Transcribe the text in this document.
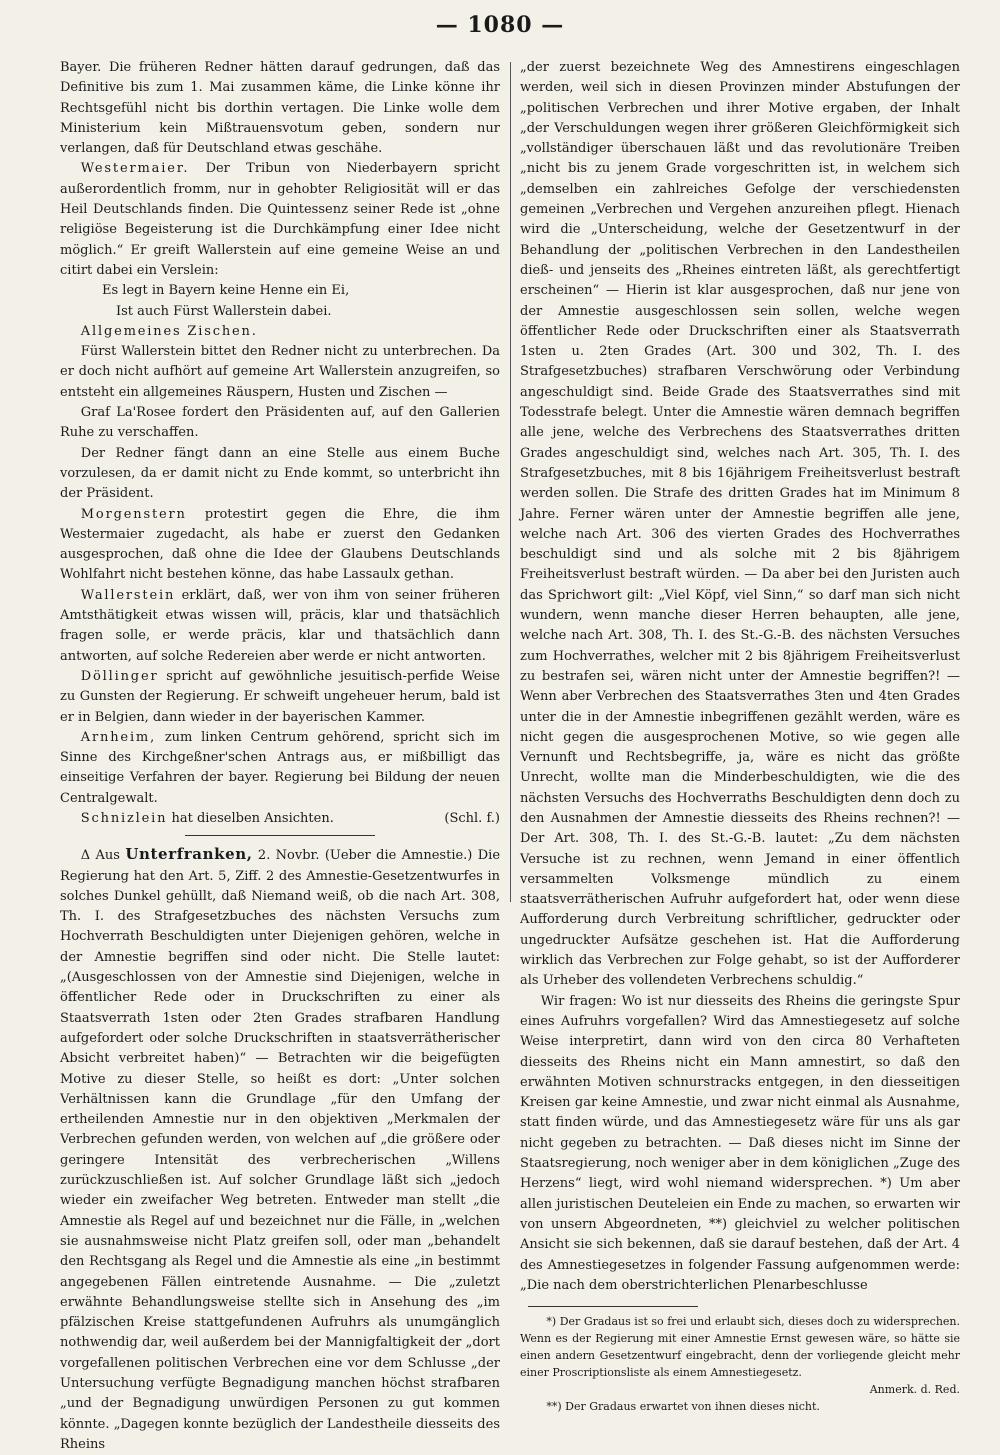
— 1080 —

Bayer. Die früheren Redner hätten darauf gedrungen, daß das Definitive bis zum 1. Mai zusammen käme, die Linke könne ihr Rechtsgefühl nicht bis dorthin vertagen. Die Linke wolle dem Ministerium kein Mißtrauensvotum geben, sondern nur verlangen, daß für Deutschland etwas geschähe.

Westermaier. Der Tribun von Niederbayern spricht außerordentlich fromm, nur in gehobter Religiosität will er das Heil Deutschlands finden. Die Quintessenz seiner Rede ist „ohne religiöse Begeisterung ist die Durchkämpfung einer Idee nicht möglich.“ Er greift Wallerstein auf eine gemeine Weise an und citirt dabei ein Verslein:

Es legt in Bayern keine Henne ein Ei,

Ist auch Fürst Wallerstein dabei.

Allgemeines Zischen.

Fürst Wallerstein bittet den Redner nicht zu unterbrechen. Da er doch nicht aufhört auf gemeine Art Wallerstein anzugreifen, so entsteht ein allgemeines Räuspern, Husten und Zischen —

Graf La'Rosee fordert den Präsidenten auf, auf den Gallerien Ruhe zu verschaffen.

Der Redner fängt dann an eine Stelle aus einem Buche vorzulesen, da er damit nicht zu Ende kommt, so unterbricht ihn der Präsident.

Morgenstern protestirt gegen die Ehre, die ihm Westermaier zugedacht, als habe er zuerst den Gedanken ausgesprochen, daß ohne die Idee der Glaubens Deutschlands Wohlfahrt nicht bestehen könne, das habe Lassaulx gethan.

Wallerstein erklärt, daß, wer von ihm von seiner früheren Amtsthätigkeit etwas wissen will, präcis, klar und thatsächlich fragen solle, er werde präcis, klar und thatsächlich dann antworten, auf solche Redereien aber werde er nicht antworten.

Döllinger spricht auf gewöhnliche jesuitisch-perfide Weise zu Gunsten der Regierung. Er schweift ungeheuer herum, bald ist er in Belgien, dann wieder in der bayerischen Kammer.

Arnheim, zum linken Centrum gehörend, spricht sich im Sinne des Kirchgeßner'schen Antrags aus, er mißbilligt das einseitige Verfahren der bayer. Regierung bei Bildung der neuen Centralgewalt.

Schnizlein hat dieselben Ansichten.	(Schl. f.)

Δ Aus Unterfranken, 2. Novbr. (Ueber die Amnestie.) Die Regierung hat den Art. 5, Ziff. 2 des Amnestie-Gesetzentwurfes in solches Dunkel gehüllt, daß Niemand weiß, ob die nach Art. 308, Th. I. des Strafgesetzbuches des nächsten Versuchs zum Hochverrath Beschuldigten unter Diejenigen gehören, welche in der Amnestie begriffen sind oder nicht. Die Stelle lautet: „(Ausgeschlossen von der Amnestie sind Diejenigen, welche in öffentlicher Rede oder in Druckschriften zu einer als Staatsverrath 1sten oder 2ten Grades strafbaren Handlung aufgefordert oder solche Druckschriften in staatsverrätherischer Absicht verbreitet haben)“ — Betrachten wir die beigefügten Motive zu dieser Stelle, so heißt es dort: „Unter solchen Verhältnissen kann die Grundlage „für den Umfang der ertheilenden Amnestie nur in den objektiven „Merkmalen der Verbrechen gefunden werden, von welchen auf „die größere oder geringere Intensität des verbrecherischen „Willens zurückzuschließen ist. Auf solcher Grundlage läßt sich „jedoch wieder ein zweifacher Weg betreten. Entweder man stellt „die Amnestie als Regel auf und bezeichnet nur die Fälle, in „welchen sie ausnahmsweise nicht Platz greifen soll, oder man „behandelt den Rechtsgang als Regel und die Amnestie als eine „in bestimmt angegebenen Fällen eintretende Ausnahme. — Die „zuletzt erwähnte Behandlungsweise stellte sich in Ansehung des „im pfälzischen Kreise stattgefundenen Aufruhrs als unumgänglich nothwendig dar, weil außerdem bei der Mannigfaltigkeit der „dort vorgefallenen politischen Verbrechen eine vor dem Schlusse „der Untersuchung verfügte Begnadigung manchen höchst strafbaren „und der Begnadigung unwürdigen Personen zu gut kommen könnte. „Dagegen konnte bezüglich der Landestheile diesseits des Rheins

„der zuerst bezeichnete Weg des Amnestirens eingeschlagen werden, weil sich in diesen Provinzen minder Abstufungen der „politischen Verbrechen und ihrer Motive ergaben, der Inhalt „der Verschuldungen wegen ihrer größeren Gleichförmigkeit sich „vollständiger überschauen läßt und das revolutionäre Treiben „nicht bis zu jenem Grade vorgeschritten ist, in welchem sich „demselben ein zahlreiches Gefolge der verschiedensten gemeinen „Verbrechen und Vergehen anzureihen pflegt. Hienach wird die „Unterscheidung, welche der Gesetzentwurf in der Behandlung der „politischen Verbrechen in den Landestheilen dieß- und jenseits des „Rheines eintreten läßt, als gerechtfertigt erscheinen“ — Hierin ist klar ausgesprochen, daß nur jene von der Amnestie ausgeschlossen sein sollen, welche wegen öffentlicher Rede oder Druckschriften einer als Staatsverrath 1sten u. 2ten Grades (Art. 300 und 302, Th. I. des Strafgesetzbuches) strafbaren Verschwörung oder Verbindung angeschuldigt sind. Beide Grade des Staatsverrathes sind mit Todesstrafe belegt. Unter die Amnestie wären demnach begriffen alle jene, welche des Verbrechens des Staatsverrathes dritten Grades angeschuldigt sind, welches nach Art. 305, Th. I. des Strafgesetzbuches, mit 8 bis 16jährigem Freiheitsverlust bestraft werden sollen. Die Strafe des dritten Grades hat im Minimum 8 Jahre. Ferner wären unter der Amnestie begriffen alle jene, welche nach Art. 306 des vierten Grades des Hochverrathes beschuldigt sind und als solche mit 2 bis 8jährigem Freiheitsverlust bestraft würden. — Da aber bei den Juristen auch das Sprichwort gilt: „Viel Köpf, viel Sinn,“ so darf man sich nicht wundern, wenn manche dieser Herren behaupten, alle jene, welche nach Art. 308, Th. I. des St.-G.-B. des nächsten Versuches zum Hochverrathes, welcher mit 2 bis 8jährigem Freiheitsverlust zu bestrafen sei, wären nicht unter der Amnestie begriffen?! — Wenn aber Verbrechen des Staatsverrathes 3ten und 4ten Grades unter die in der Amnestie inbegriffenen gezählt werden, wäre es nicht gegen die ausgesprochenen Motive, so wie gegen alle Vernunft und Rechtsbegriffe, ja, wäre es nicht das größte Unrecht, wollte man die Minderbeschuldigten, wie die des nächsten Versuchs des Hochverraths Beschuldigten denn doch zu den Ausnahmen der Amnestie diesseits des Rheins rechnen?! — Der Art. 308, Th. I. des St.-G.-B. lautet: „Zu dem nächsten Versuche ist zu rechnen, wenn Jemand in einer öffentlich versammelten Volksmenge mündlich zu einem staatsverrätherischen Aufruhr aufgefordert hat, oder wenn diese Aufforderung durch Verbreitung schriftlicher, gedruckter oder ungedruckter Aufsätze geschehen ist. Hat die Aufforderung wirklich das Verbrechen zur Folge gehabt, so ist der Aufforderer als Urheber des vollendeten Verbrechens schuldig.“

Wir fragen: Wo ist nur diesseits des Rheins die geringste Spur eines Aufruhrs vorgefallen? Wird das Amnestiegesetz auf solche Weise interpretirt, dann wird von den circa 80 Verhafteten diesseits des Rheins nicht ein Mann amnestirt, so daß den erwähnten Motiven schnurstracks entgegen, in den diesseitigen Kreisen gar keine Amnestie, und zwar nicht einmal als Ausnahme, statt finden würde, und das Amnestiegesetz wäre für uns als gar nicht gegeben zu betrachten. — Daß dieses nicht im Sinne der Staatsregierung, noch weniger aber in dem königlichen „Zuge des Herzens“ liegt, wird wohl niemand widersprechen. *) Um aber allen juristischen Deuteleien ein Ende zu machen, so erwarten wir von unsern Abgeordneten, **) gleichviel zu welcher politischen Ansicht sie sich bekennen, daß sie darauf bestehen, daß der Art. 4 des Amnestiegesetzes in folgender Fassung aufgenommen werde: „Die nach dem oberstrichterlichen Plenarbeschlusse

*) Der Gradaus ist so frei und erlaubt sich, dieses doch zu widersprechen. Wenn es der Regierung mit einer Amnestie Ernst gewesen wäre, so hätte sie einen andern Gesetzentwurf eingebracht, denn der vorliegende gleicht mehr einer Proscriptionsliste als einem Amnestiegesetz.

Anmerk. d. Red.

**) Der Gradaus erwartet von ihnen dieses nicht.
